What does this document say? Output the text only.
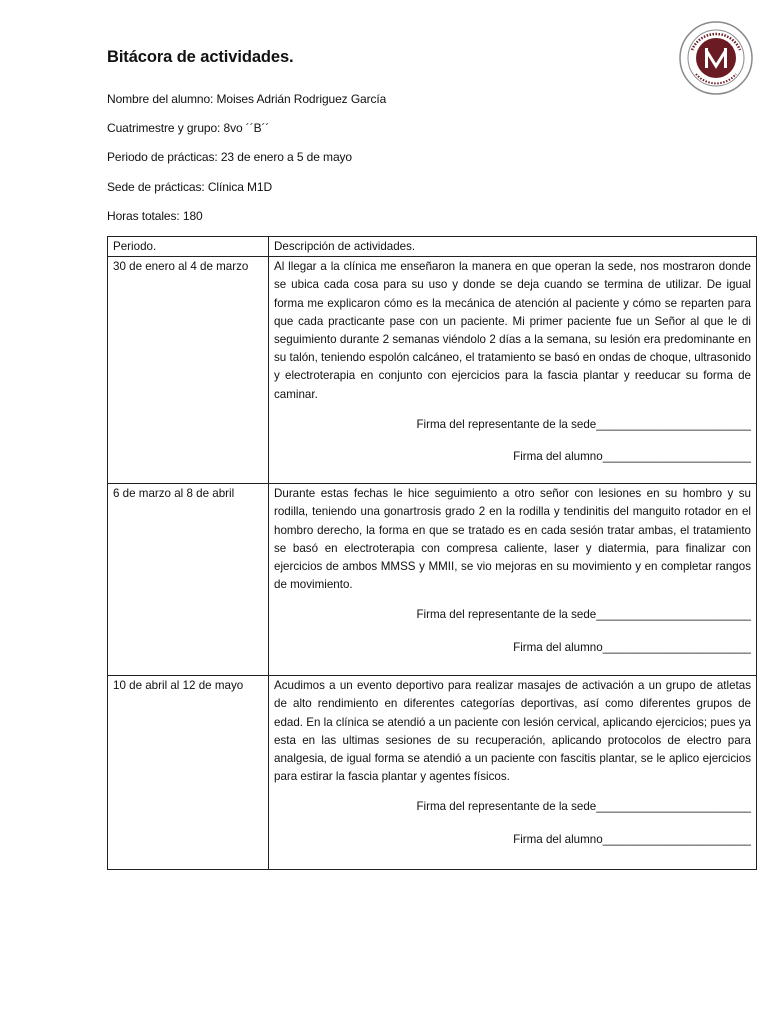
Bitácora de actividades.
Nombre del alumno: Moises Adrián Rodriguez García
Cuatrimestre y grupo: 8vo ´´B´´
Periodo de prácticas: 23 de enero a 5 de mayo
Sede de prácticas: Clínica M1D
Horas totales: 180
Periodo.	Descripción de actividades.
30 de enero al 4 de marzo	Al llegar a la clínica me enseñaron la manera en que operan la sede, nos mostraron donde se ubica cada cosa para su uso y donde se deja cuando se termina de utilizar. De igual forma me explicaron cómo es la mecánica de atención al paciente y cómo se reparten para que cada practicante pase con un paciente. Mi primer paciente fue un Señor al que le di seguimiento durante 2 semanas viéndolo 2 días a la semana, su lesión era predominante en su talón, teniendo espolón calcáneo, el tratamiento se basó en ondas de choque, ultrasonido y electroterapia en conjunto con ejercicios para la fascia plantar y reeducar su forma de caminar.

Firma del representante de la sede________________________

Firma del alumno_______________________

6 de marzo al 8 de abril	Durante estas fechas le hice seguimiento a otro señor con lesiones en su hombro y su rodilla, teniendo una gonartrosis grado 2 en la rodilla y tendinitis del manguito rotador en el hombro derecho, la forma en que se tratado es en cada sesión tratar ambas, el tratamiento se basó en electroterapia con compresa caliente, laser y diatermia, para finalizar con ejercicios de ambos MMSS y MMII, se vio mejoras en su movimiento y en completar rangos de movimiento.

Firma del representante de la sede________________________

Firma del alumno_______________________

10 de abril al 12 de mayo	Acudimos a un evento deportivo para realizar masajes de activación a un grupo de atletas de alto rendimiento en diferentes categorías deportivas, así como diferentes grupos de edad. En la clínica se atendió a un paciente con lesión cervical, aplicando ejercicios; pues ya esta en las ultimas sesiones de su recuperación, aplicando protocolos de electro para analgesia, de igual forma se atendió a un paciente con fascitis plantar, se le aplico ejercicios para estirar la fascia plantar y agentes físicos.

Firma del representante de la sede________________________

Firma del alumno_______________________
